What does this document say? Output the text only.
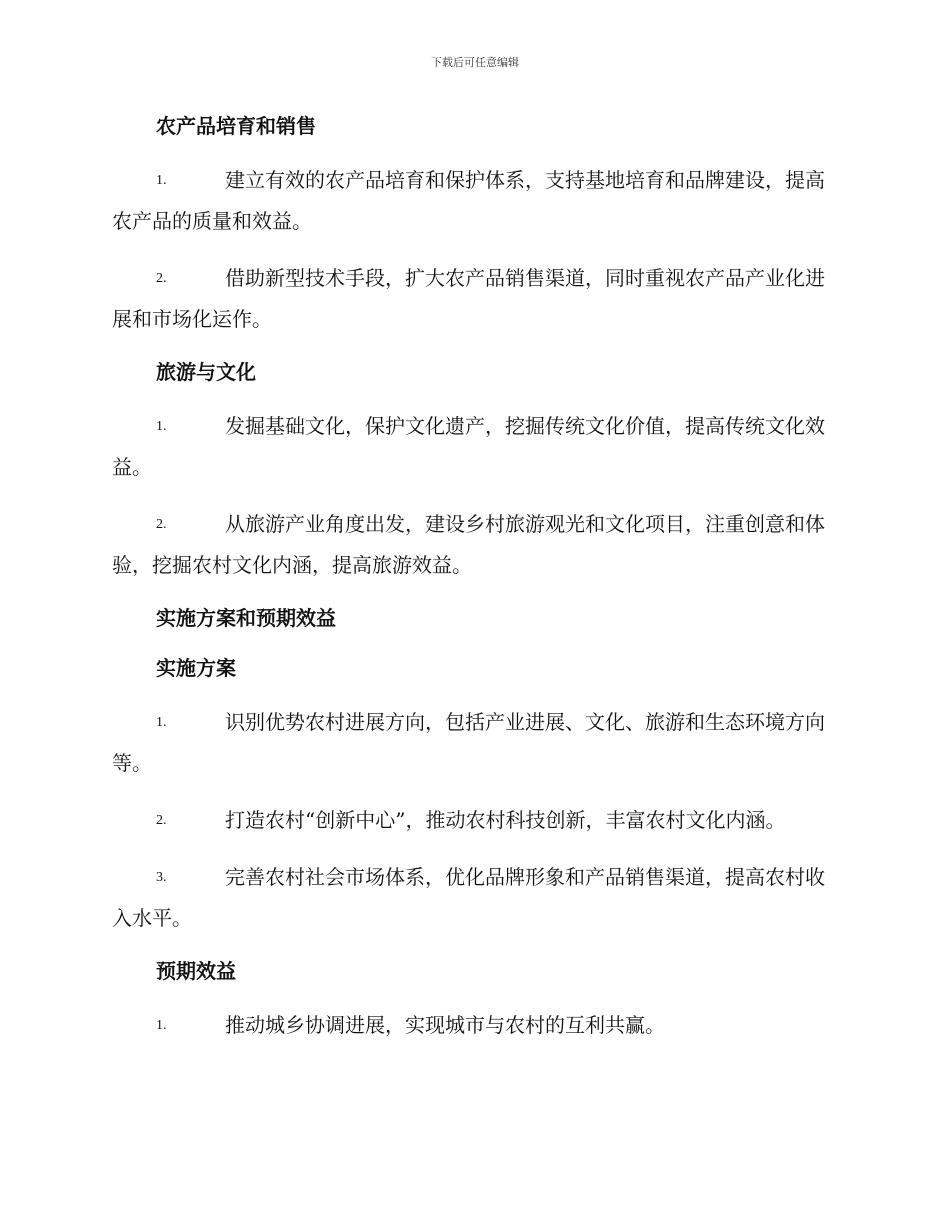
下载后可任意编辑
农产品培育和销售
1.	建立有效的农产品培育和保护体系，支持基地培育和品牌建设，提高农产品的质量和效益。
2.	借助新型技术手段，扩大农产品销售渠道，同时重视农产品产业化进展和市场化运作。
旅游与文化
1.	发掘基础文化，保护文化遗产，挖掘传统文化价值，提高传统文化效益。
2.	从旅游产业角度出发，建设乡村旅游观光和文化项目，注重创意和体验，挖掘农村文化内涵，提高旅游效益。
实施方案和预期效益
实施方案
1.	识别优势农村进展方向，包括产业进展、文化、旅游和生态环境方向等。
2.	打造农村“创新中心”，推动农村科技创新，丰富农村文化内涵。
3.	完善农村社会市场体系，优化品牌形象和产品销售渠道，提高农村收入水平。
预期效益
1.	推动城乡协调进展，实现城市与农村的互利共赢。
